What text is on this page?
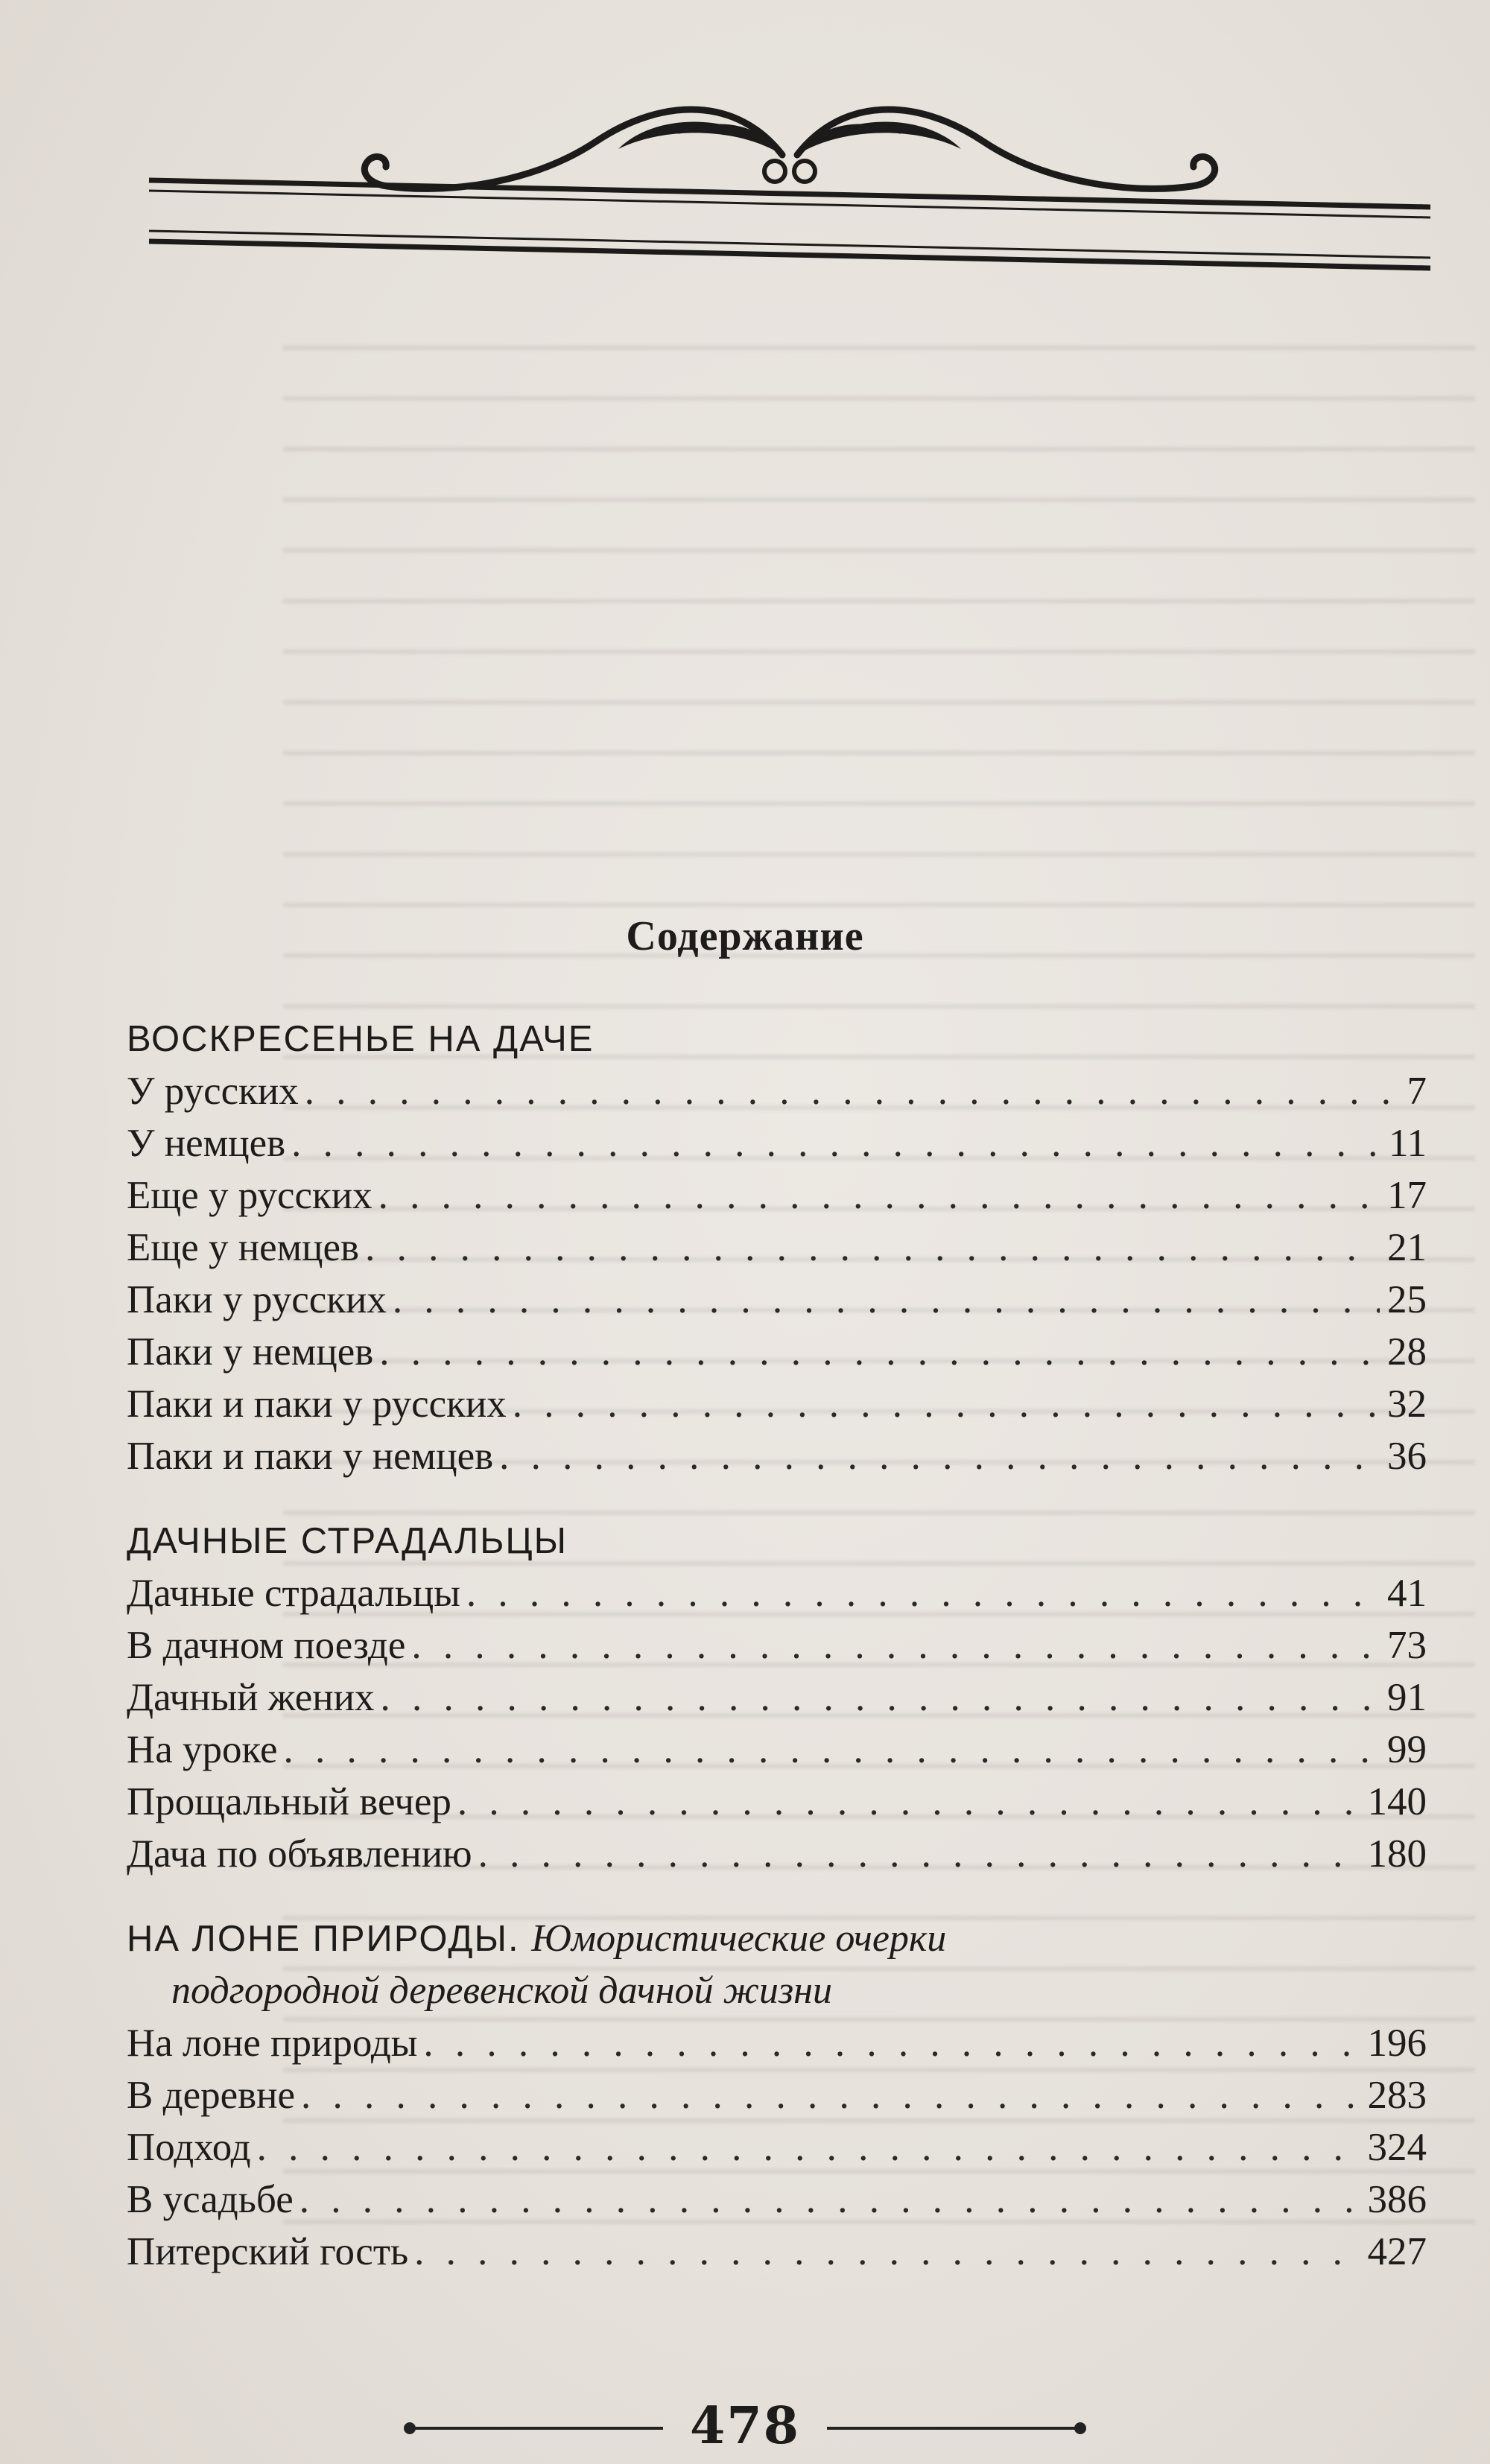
Содержание
ВОСКРЕСЕНЬЕ НА ДАЧЕ
У русских . . .	7
У немцев . . .	11
Еще у русских . . .	17
Еще у немцев . . .	21
Паки у русских . . .	25
Паки у немцев . . .	28
Паки и паки у русских . . .	32
Паки и паки у немцев . . .	36
ДАЧНЫЕ СТРАДАЛЬЦЫ
Дачные страдальцы . . .	41
В дачном поезде . . .	73
Дачный жених . . .	91
На уроке . . .	99
Прощальный вечер . . .	140
Дача по объявлению . . .	180
НА ЛОНЕ ПРИРОДЫ. Юмористические очерки
подгородной деревенской дачной жизни
На лоне природы . . .	196
В деревне . . .	283
Подход . . .	324
В усадьбе . . .	386
Питерский гость . . .	427
478
